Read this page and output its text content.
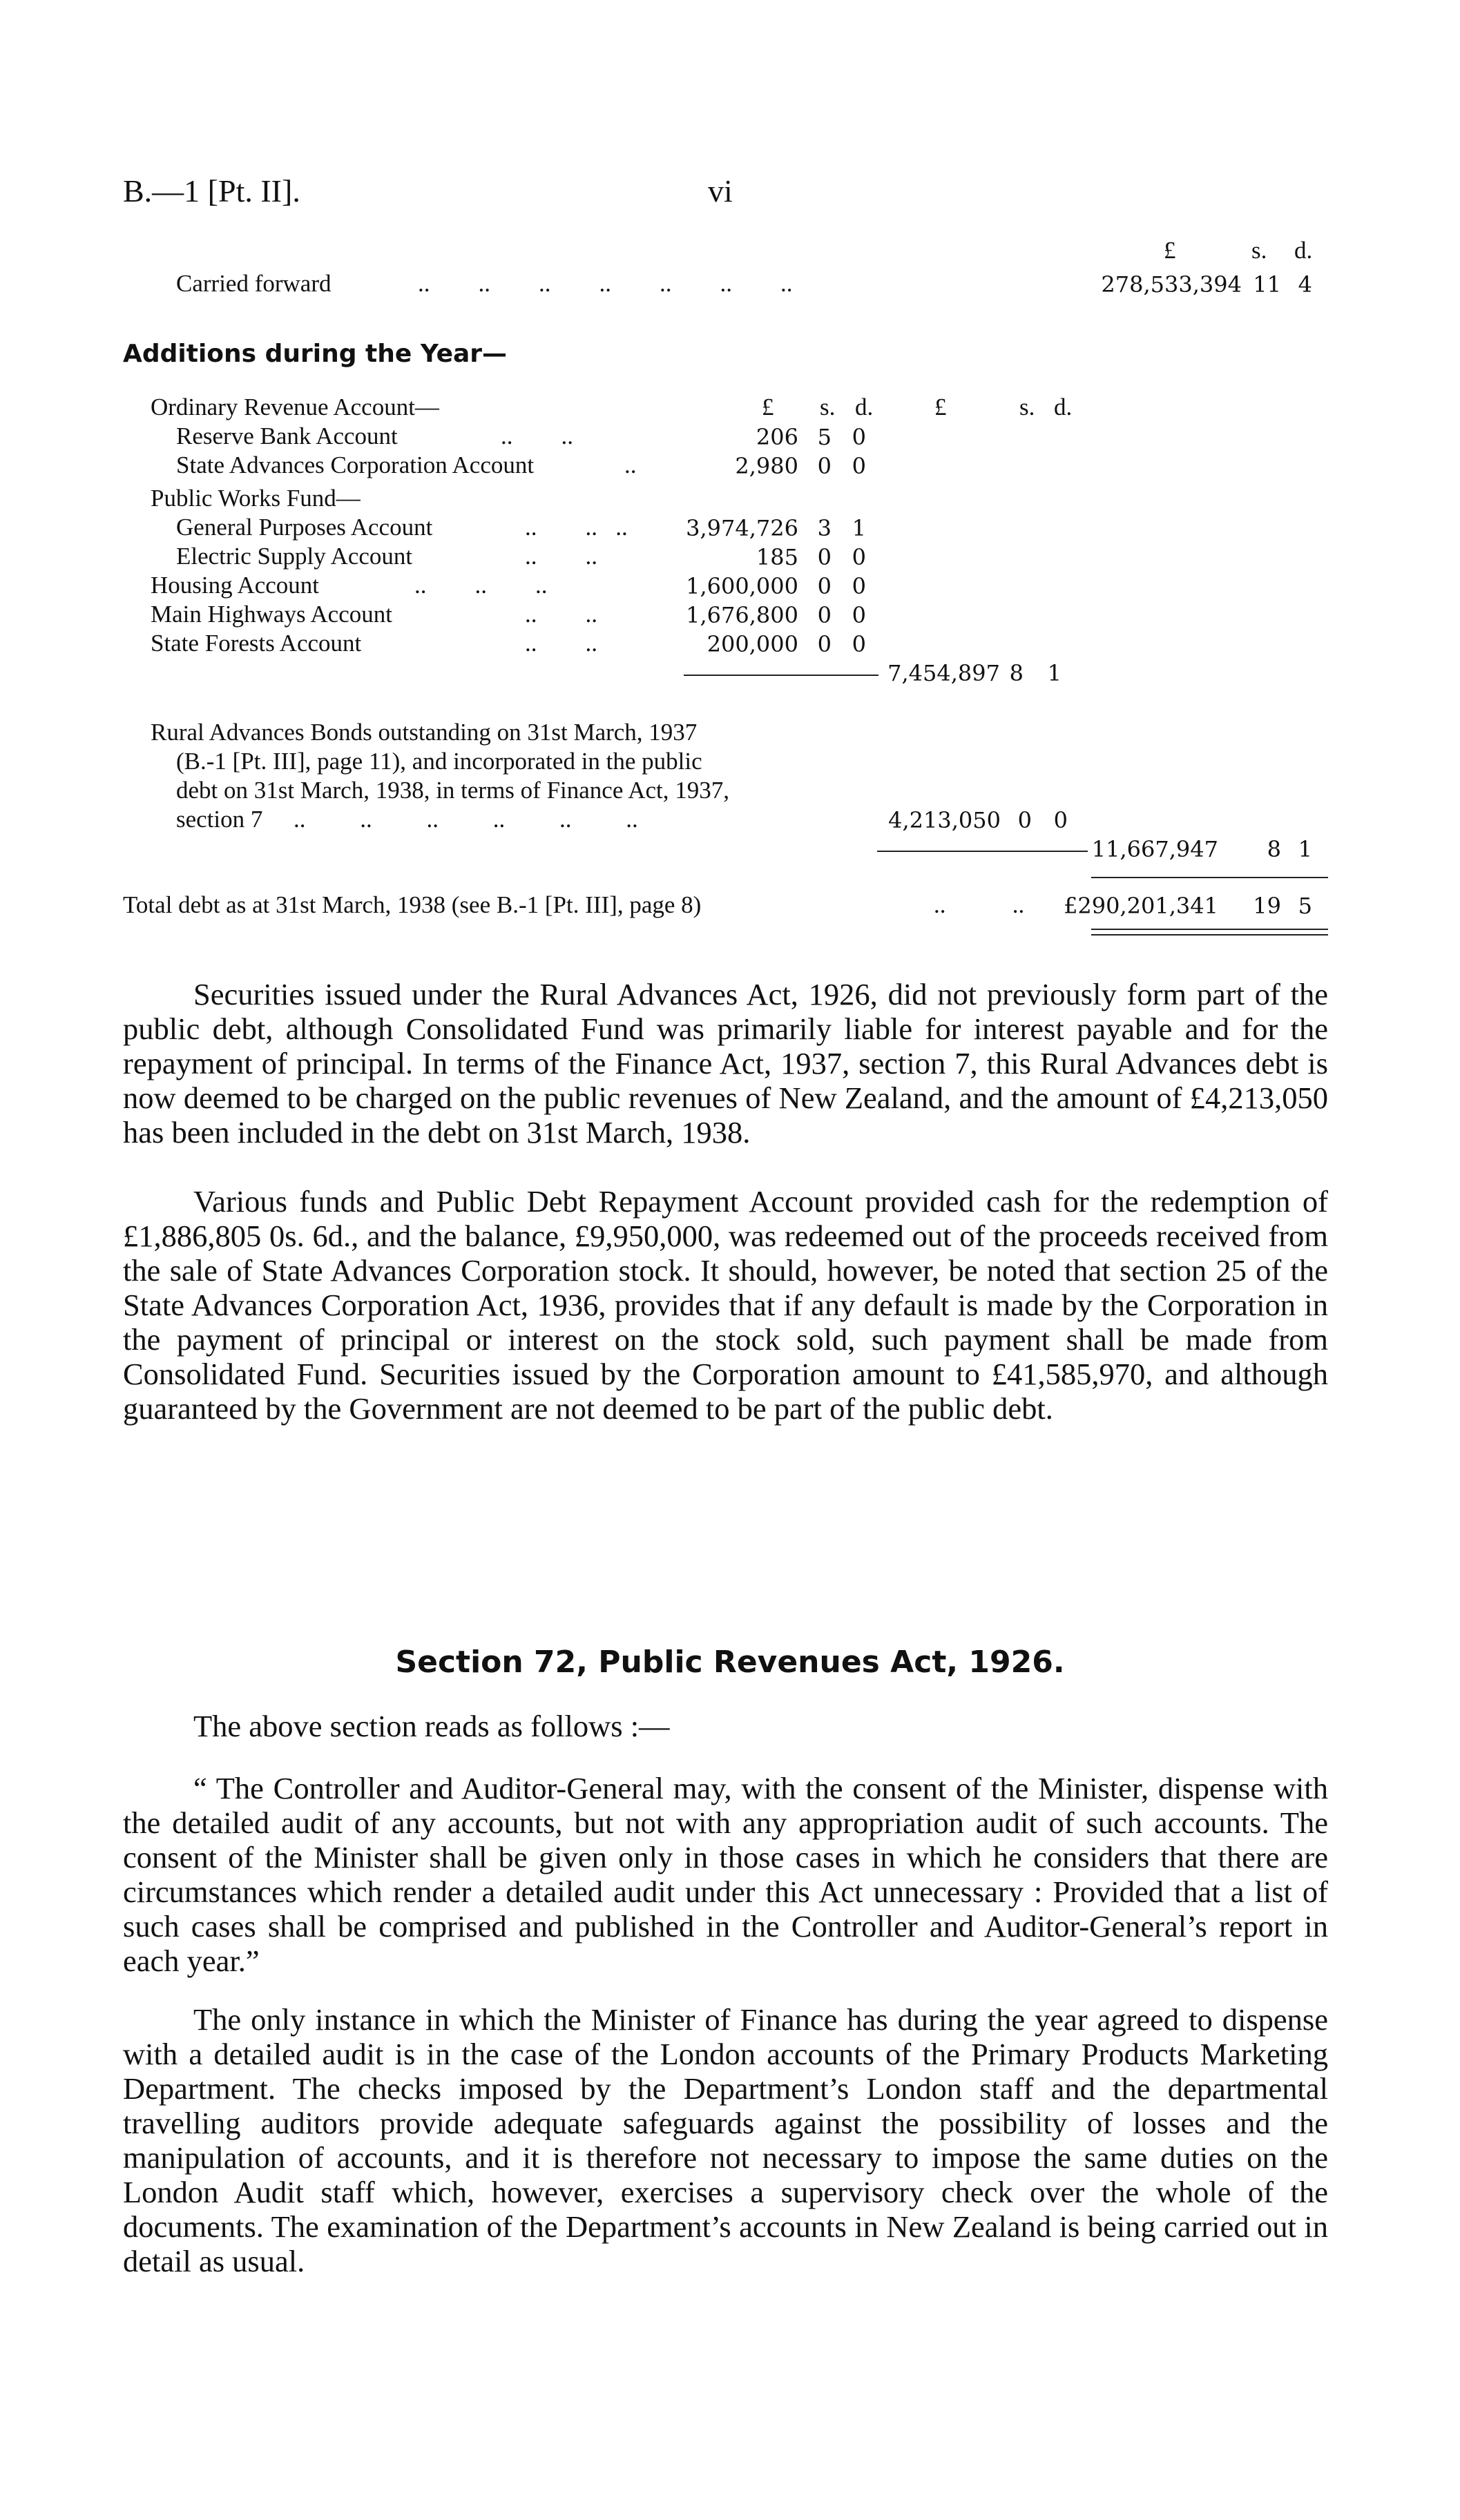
B.—1 [Pt. II].	vi
£	s. d.
Carried forward	..        ..        ..        ..        ..        ..        ..	278,533,394 11 4
Additions during the Year—
£ s. d.	£	s. d.
Ordinary Revenue Account—
Reserve Bank Account	..        ..	206 5 0
State Advances Corporation Account	..	2,980 0 0
Public Works Fund—
General Purposes Account	..        ..   ..	3,974,726 3 1
Electric Supply Account	..        ..	185 0 0
Housing Account	..        ..        ..	1,600,000 0 0
Main Highways Account	..        ..	1,676,800 0 0
State Forests Account	..        ..	200,000 0 0
7,454,897 8 1
Rural Advances Bonds outstanding on 31st March, 1937
(B.-1 [Pt. III], page 11), and incorporated in the public
debt on 31st March, 1938, in terms of Finance Act, 1937,
section 7 ..         ..         ..         ..         ..         ..	4,213,050 0 0
11,667,947 8 1
Total debt as at 31st March, 1938 (see B.-1 [Pt. III], page 8)	..           .. £290,201,341 19 5

Securities issued under the Rural Advances Act, 1926, did not previously form part of the public debt, although Consolidated Fund was primarily liable for interest payable and for the repayment of principal. In terms of the Finance Act, 1937, section 7, this Rural Advances debt is now deemed to be charged on the public revenues of New Zealand, and the amount of £4,213,050 has been included in the debt on 31st March, 1938.

Various funds and Public Debt Repayment Account provided cash for the redemption of £1,886,805 0s. 6d., and the balance, £9,950,000, was redeemed out of the proceeds received from the sale of State Advances Corporation stock. It should, however, be noted that section 25 of the State Advances Corporation Act, 1936, provides that if any default is made by the Corporation in the payment of principal or interest on the stock sold, such payment shall be made from Consolidated Fund. Securities issued by the Corporation amount to £41,585,970, and although guaranteed by the Government are not deemed to be part of the public debt.

Section 72, Public Revenues Act, 1926.

The above section reads as follows :—

“ The Controller and Auditor-General may, with the consent of the Minister, dispense with the detailed audit of any accounts, but not with any appropriation audit of such accounts. The consent of the Minister shall be given only in those cases in which he considers that there are circumstances which render a detailed audit under this Act unnecessary : Provided that a list of such cases shall be comprised and published in the Controller and Auditor-General’s report in each year.”

The only instance in which the Minister of Finance has during the year agreed to dispense with a detailed audit is in the case of the London accounts of the Primary Products Marketing Department. The checks imposed by the Department’s London staff and the departmental travelling auditors provide adequate safeguards against the possibility of losses and the manipulation of accounts, and it is therefore not necessary to impose the same duties on the London Audit staff which, however, exercises a supervisory check over the whole of the documents. The examination of the Department’s accounts in New Zealand is being carried out in detail as usual.
